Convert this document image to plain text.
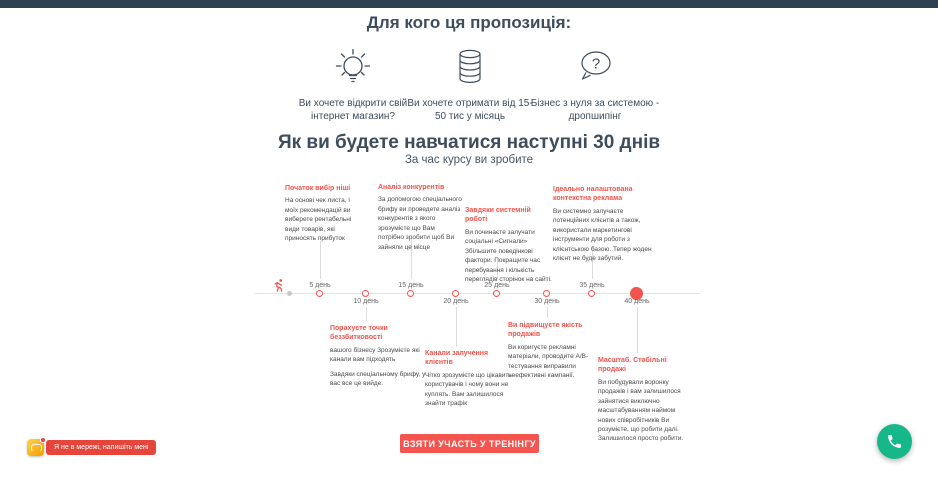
Для кого ця пропозиція:
Ви хочете відкрити свій інтернет магазин?
Ви хочете отримати від 15-50 тис у місяць
?
Бізнес з нуля за системою - дропшипінг
Як ви будете навчатися наступні 30 днів
За час курсу ви зробите
5 день
10 день
15 день
20 день
25 день
30 день
35 день
40 день
Початок вибір ніші

На основі чек листа, і моїх рекомендацій ви виберете рентабельні види товарів, які приносять прибуток

Аналіз конкурентів

За допомогою спеціального брифу ви проведете аналіз конкурентів з якого зрозумієте що Вам потрібно зробити щоб Ви зайняли це місце

Завдяки системній роботі

Ви починаєте залучати соціальні «Сигнали» Збільшите поведінкові фактори. Покращите час перебування і кількість переглядів сторінок на сайті.

Ідеально налаштована контекстна реклама

Ви системно залучаєте потенційних клієнтів а також, використали маркетингові інструменти для роботи з клієнтською базою. Тепер жоден клієнт не буде забутий.

Порахуєте точки беззбитковості

вашого бізнесу Зрозумієте які канали вам підходять

Завдяки спеціальному брифу, у вас все це вийде.

Канали залучення клієнтів

Чітко зрозумієте що цікавить користувачів і чому вони не куплять. Вам залишилося знайти трафік

Ви підвищуєте якість продажів

Ви коригуєте рекламні матеріали, проводите А/В-тестування виправили неефективні кампанії.

Масштаб. Стабільні продажі

Ви побудували воронку продажів і вам залишилося зайнятися виключно масштабуванням наймом нових співробітників Ви розумієте, що робити далі. Залишилося просто робити.

ВЗЯТИ УЧАСТЬ У ТРЕНІНГУ
Я не в мережі, напишіть мені
